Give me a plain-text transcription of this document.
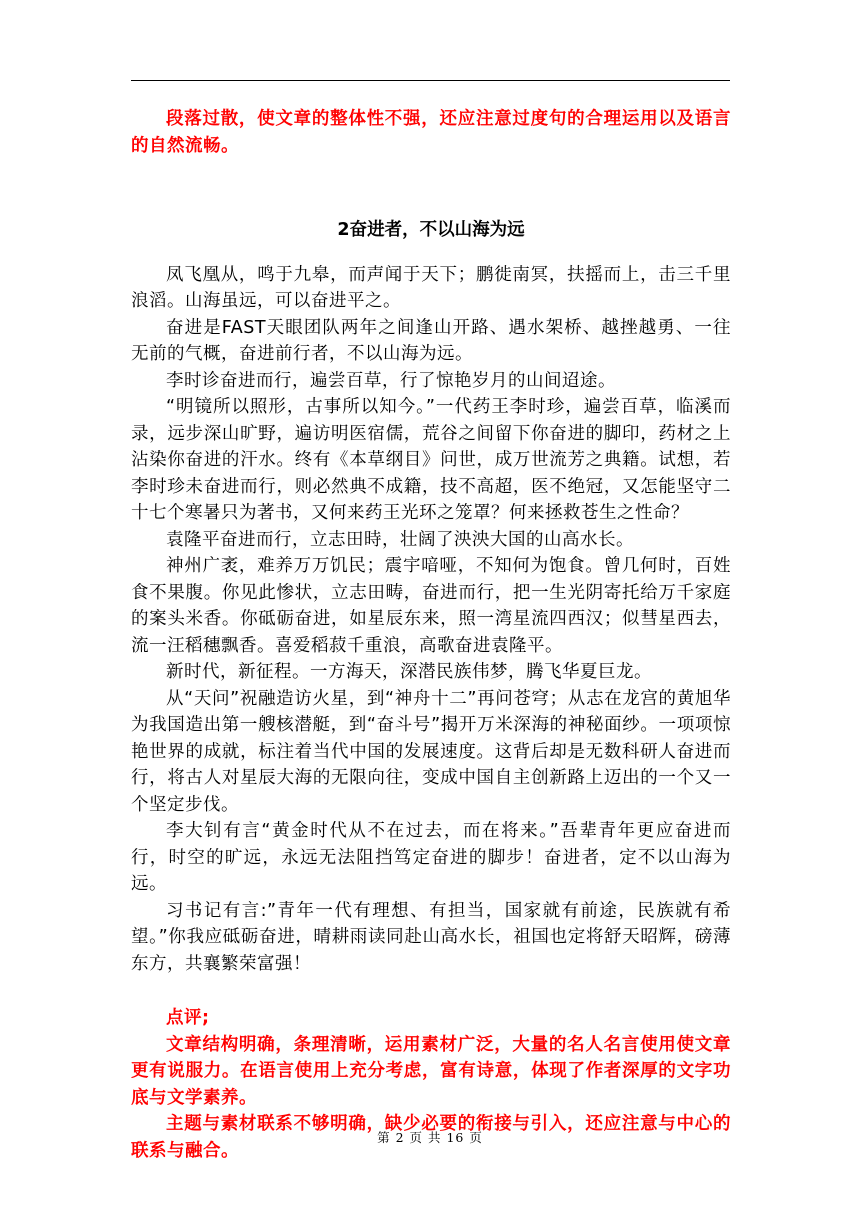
段落过散，使文章的整体性不强，还应注意过度句的合理运用以及语言的自然流畅。

2奋进者，不以山海为远

凤飞凰从，鸣于九皋，而声闻于天下；鹏徙南冥，扶摇而上，击三千里浪滔。山海虽远，可以奋进平之。

奋进是FAST天眼团队两年之间逢山开路、遇水架桥、越挫越勇、一往无前的气概，奋进前行者，不以山海为远。

李时诊奋进而行，遍尝百草，行了惊艳岁月的山间迢途。

“明镜所以照形，古事所以知今。”一代药王李时珍，遍尝百草，临溪而录，远步深山旷野，遍访明医宿儒，荒谷之间留下你奋进的脚印，药材之上沾染你奋进的汗水。终有《本草纲目》问世，成万世流芳之典籍。试想，若李时珍未奋进而行，则必然典不成籍，技不高超，医不绝冠，又怎能坚守二十七个寒暑只为著书，又何来药王光环之笼罩？何来拯救苍生之性命？

袁隆平奋进而行，立志田時，壮阔了泱泱大国的山高水长。

神州广袤，难养万万饥民；震宇喑哑，不知何为饱食。曾几何时，百姓食不果腹。你见此惨状，立志田畴，奋进而行，把一生光阴寄托给万千家庭的案头米香。你砥砺奋进，如星辰东来，照一湾星流四西汉；似彗星西去，流一汪稻穗飘香。喜爱稻菽千重浪，高歌奋进袁隆平。

新时代，新征程。一方海天，深潜民族伟梦，腾飞华夏巨龙。

从“天问”祝融造访火星，到“神舟十二”再问苍穹；从志在龙宫的黄旭华为我国造出第一艘核潜艇，到“奋斗号”揭开万米深海的神秘面纱。一项项惊艳世界的成就，标注着当代中国的发展速度。这背后却是无数科研人奋进而行，将古人对星辰大海的无限向往，变成中国自主创新路上迈出的一个又一个坚定步伐。

李大钊有言“黄金时代从不在过去，而在将来。”吾辈青年更应奋进而行，时空的旷远，永远无法阻挡笃定奋进的脚步！奋进者，定不以山海为远。

习书记有言:”青年一代有理想、有担当，国家就有前途，民族就有希望。”你我应砥砺奋进，晴耕雨读同赴山高水长，祖国也定将舒天昭辉，磅薄东方，共襄繁荣富强！

点评;

文章结构明确，条理清晰，运用素材广泛，大量的名人名言使用使文章更有说服力。在语言使用上充分考虑，富有诗意，体现了作者深厚的文字功底与文学素养。

主题与素材联系不够明确，缺少必要的衔接与引入，还应注意与中心的联系与融合。

第 2 页 共 16 页
